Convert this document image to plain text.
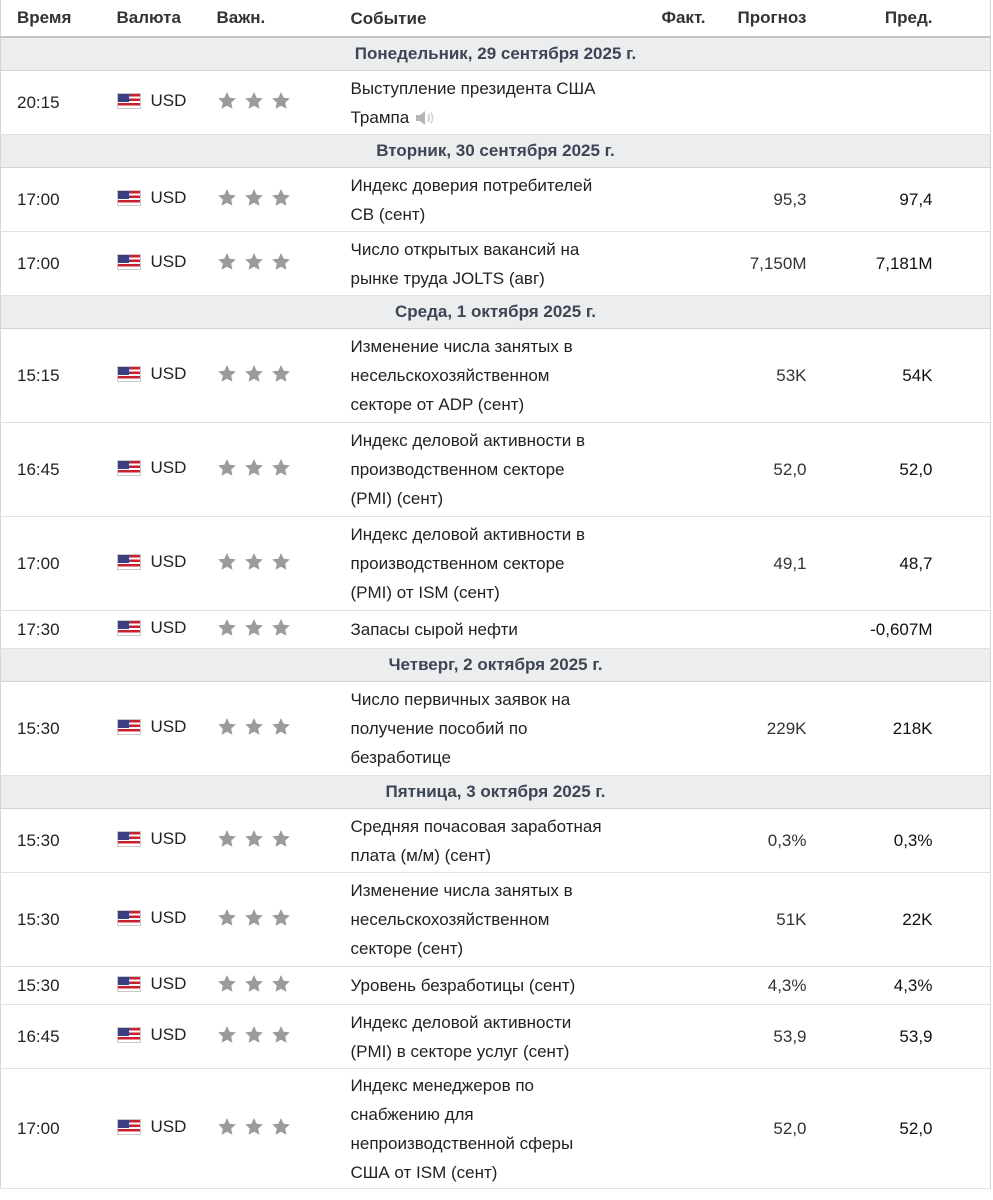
Время	Валюта	Важн.	Событие	Факт.	Прогноз	Пред.	
Понедельник, 29 сентября 2025 г.							
20:15	USD		Выступление президента США
Трампа				
Вторник, 30 сентября 2025 г.							
17:00	USD		Индекс доверия потребителей
CB (сент)		95,3	97,4	
17:00	USD		Число открытых вакансий на
рынке труда JOLTS (авг)		7,150M	7,181M	
Среда, 1 октября 2025 г.							
15:15	USD		Изменение числа занятых в
несельскохозяйственном
секторе от ADP (сент)		53K	54K	
16:45	USD		Индекс деловой активности в
производственном секторе
(PMI) (сент)		52,0	52,0	
17:00	USD		Индекс деловой активности в
производственном секторе
(PMI) от ISM (сент)		49,1	48,7	
17:30	USD		Запасы сырой нефти			-0,607M	
Четверг, 2 октября 2025 г.							
15:30	USD		Число первичных заявок на
получение пособий по
безработице		229K	218K	
Пятница, 3 октября 2025 г.							
15:30	USD		Средняя почасовая заработная
плата (м/м) (сент)		0,3%	0,3%	
15:30	USD		Изменение числа занятых в
несельскохозяйственном
секторе (сент)		51K	22K	
15:30	USD		Уровень безработицы (сент)		4,3%	4,3%	
16:45	USD		Индекс деловой активности
(PMI) в секторе услуг (сент)		53,9	53,9	
17:00	USD		Индекс менеджеров по
снабжению для
непроизводственной сферы
США от ISM (сент)		52,0	52,0	
